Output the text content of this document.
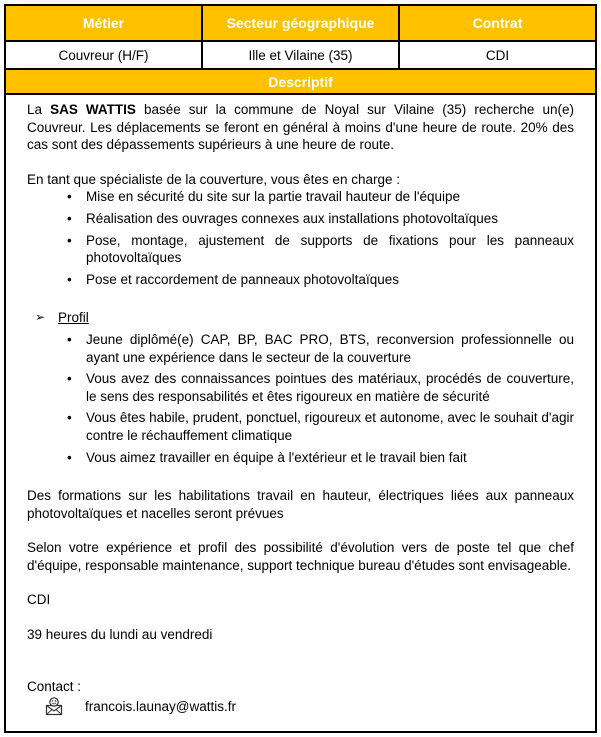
Métier	Secteur géographique	Contrat
Couvreur (H/F)	Ille et Vilaine (35)	CDI
Descriptif

La SAS WATTIS basée sur la commune de Noyal sur Vilaine (35) recherche un(e) Couvreur. Les déplacements se feront en général à moins d'une heure de route. 20% des cas sont des dépassements supérieurs à une heure de route.

En tant que spécialiste de la couverture, vous êtes en charge :

•	Mise en sécurité du site sur la partie travail hauteur de l'équipe
•	Réalisation des ouvrages connexes aux installations photovoltaïques
•	Pose, montage, ajustement de supports de fixations pour les panneaux photovoltaïques
•	Pose et raccordement de panneaux photovoltaïques
➢ Profil
•	Jeune diplômé(e) CAP, BP, BAC PRO, BTS, reconversion professionnelle ou ayant une expérience dans le secteur de la couverture
•	Vous avez des connaissances pointues des matériaux, procédés de couverture, le sens des responsabilités et êtes rigoureux en matière de sécurité
•	Vous êtes habile, prudent, ponctuel, rigoureux et autonome, avec le souhait d'agir contre le réchauffement climatique
•	Vous aimez travailler en équipe à l'extérieur et le travail bien fait

Des formations sur les habilitations travail en hauteur, électriques liées aux panneaux photovoltaïques et nacelles seront prévues

Selon votre expérience et profil des possibilité d'évolution vers de poste tel que chef d'équipe, responsable maintenance, support technique bureau d'études sont envisageable.

CDI

39 heures du lundi au vendredi

Contact :

francois.launay@wattis.fr
